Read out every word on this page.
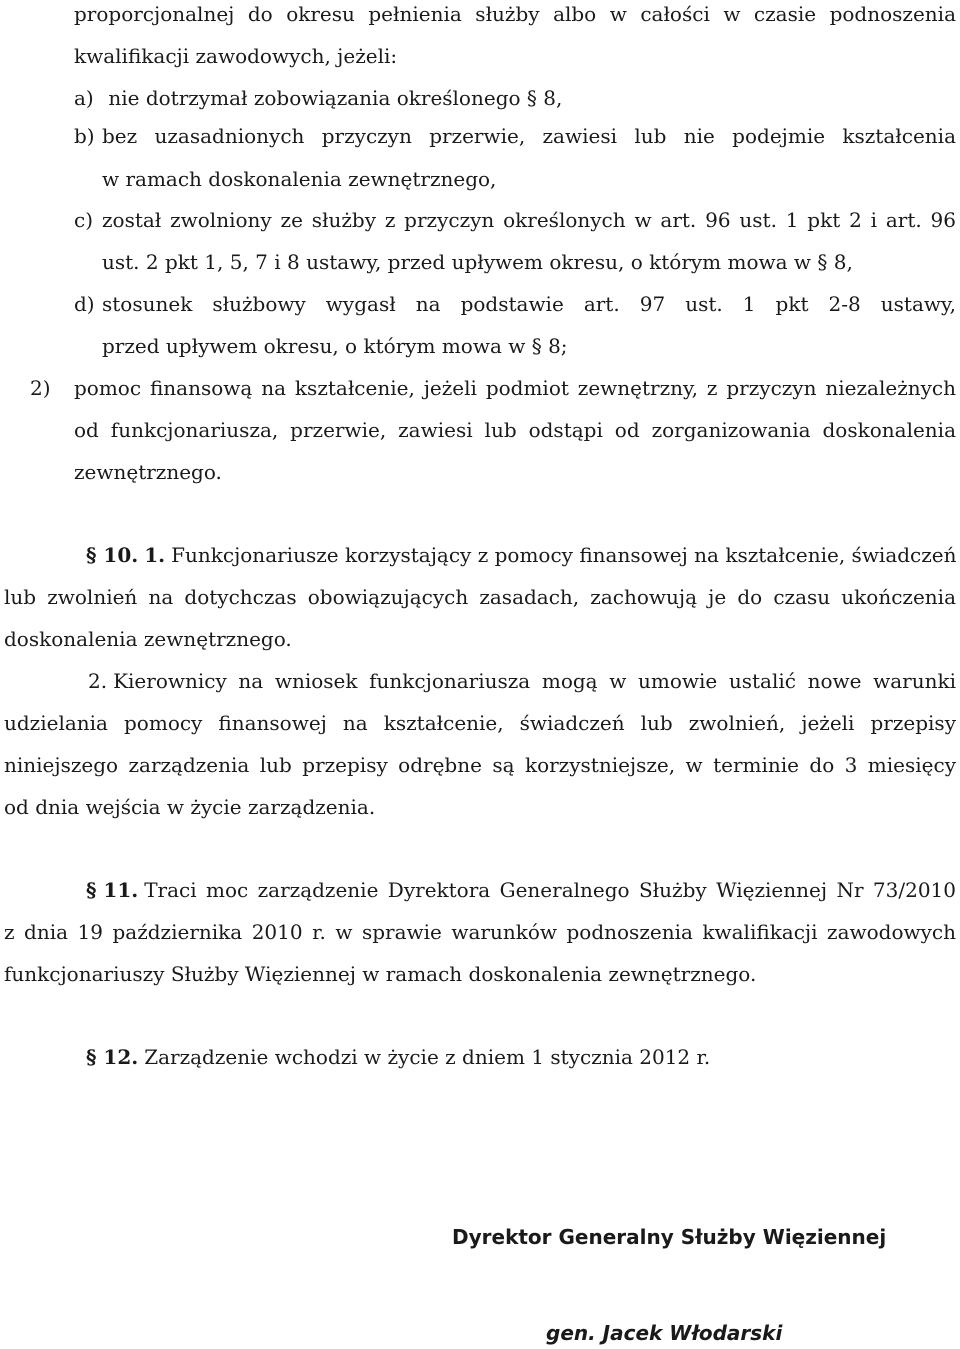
proporcjonalnej do okresu pełnienia służby albo w całości w czasie podnoszenia
kwalifikacji zawodowych, jeżeli:
a) nie dotrzymał zobowiązania określonego § 8,
b) bez uzasadnionych przyczyn przerwie, zawiesi lub nie podejmie kształcenia
w ramach doskonalenia zewnętrznego,
c) został zwolniony ze służby z przyczyn określonych w art. 96 ust. 1 pkt 2 i art. 96
ust. 2 pkt 1, 5, 7 i 8 ustawy, przed upływem okresu, o którym mowa w § 8,
d) stosunek służbowy wygasł na podstawie art. 97 ust. 1 pkt 2-8 ustawy,
przed upływem okresu, o którym mowa w § 8;
2)	pomoc finansową na kształcenie, jeżeli podmiot zewnętrzny, z przyczyn niezależnych
od funkcjonariusza, przerwie, zawiesi lub odstąpi od zorganizowania doskonalenia
zewnętrznego.
§ 10. 1. Funkcjonariusze korzystający z pomocy finansowej na kształcenie, świadczeń
lub zwolnień na dotychczas obowiązujących zasadach, zachowują je do czasu ukończenia
doskonalenia zewnętrznego.
2. Kierownicy na wniosek funkcjonariusza mogą w umowie ustalić nowe warunki
udzielania pomocy finansowej na kształcenie, świadczeń lub zwolnień, jeżeli przepisy
niniejszego zarządzenia lub przepisy odrębne są korzystniejsze, w terminie do 3 miesięcy
od dnia wejścia w życie zarządzenia.
§ 11. Traci moc zarządzenie Dyrektora Generalnego Służby Więziennej Nr 73/2010
z dnia 19 października 2010 r. w sprawie warunków podnoszenia kwalifikacji zawodowych
funkcjonariuszy Służby Więziennej w ramach doskonalenia zewnętrznego.
§ 12. Zarządzenie wchodzi w życie z dniem 1 stycznia 2012 r.
Dyrektor Generalny Służby Więziennej
gen. Jacek Włodarski
